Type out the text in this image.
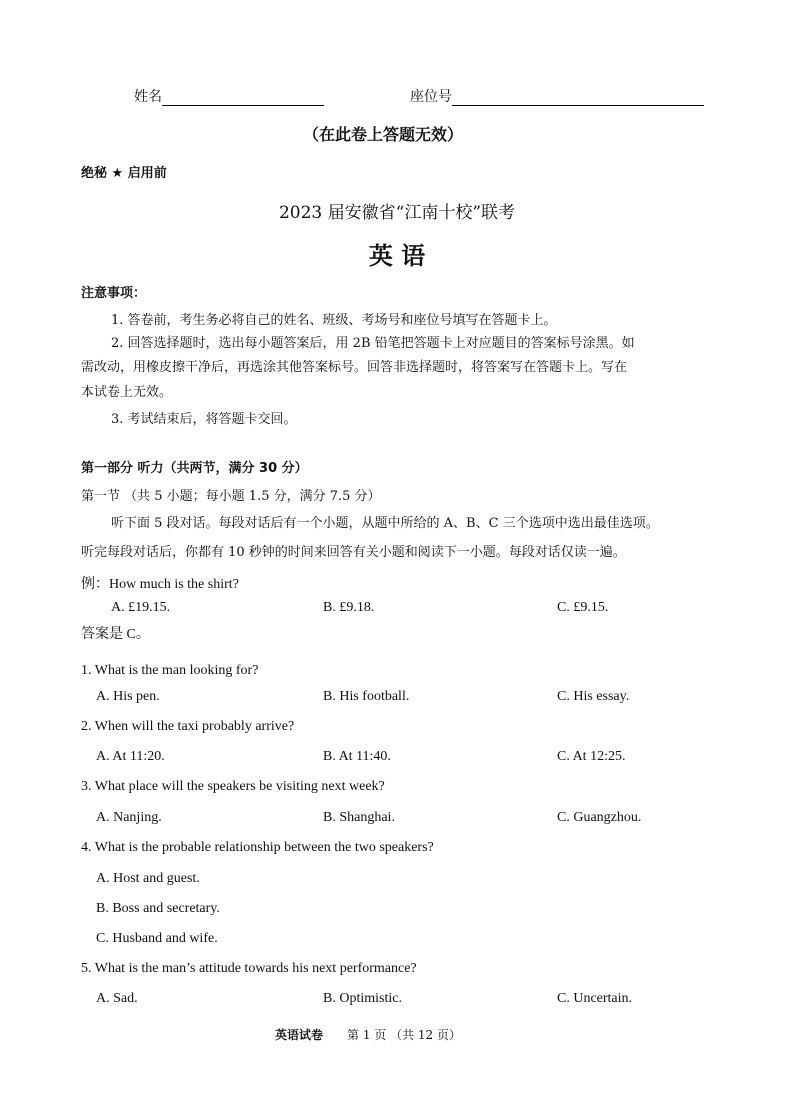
姓名	座位号
（在此卷上答题无效）
绝秘 ★ 启用前
2023 届安徽省“江南十校”联考
英 语
注意事项：
1. 答卷前，考生务必将自己的姓名、班级、考场号和座位号填写在答题卡上。
2. 回答选择题时，选出每小题答案后，用 2B 铅笔把答题卡上对应题目的答案标号涂黑。如
需改动，用橡皮擦干净后，再选涂其他答案标号。回答非选择题时，将答案写在答题卡上。写在
本试卷上无效。
3. 考试结束后，将答题卡交回。
第一部分 听力（共两节，满分 30 分）
第一节 （共 5 小题；每小题 1.5 分，满分 7.5 分）
听下面 5 段对话。每段对话后有一个小题，从题中所给的 A、B、C 三个选项中选出最佳选项。
听完每段对话后，你都有 10 秒钟的时间来回答有关小题和阅读下一小题。每段对话仅读一遍。
例：How much is the shirt?
A. £19.15.	B. £9.18.	C. £9.15.
答案是 C。
1. What is the man looking for?
A. His pen.	B. His football.	C. His essay.
2. When will the taxi probably arrive?
A. At 11:20.	B. At 11:40.	C. At 12:25.
3. What place will the speakers be visiting next week?
A. Nanjing.	B. Shanghai.	C. Guangzhou.
4. What is the probable relationship between the two speakers?
A. Host and guest.
B. Boss and secretary.
C. Husband and wife.
5. What is the man’s attitude towards his next performance?
A. Sad.	B. Optimistic.	C. Uncertain.
英语试卷 第 1 页 （共 12 页）
